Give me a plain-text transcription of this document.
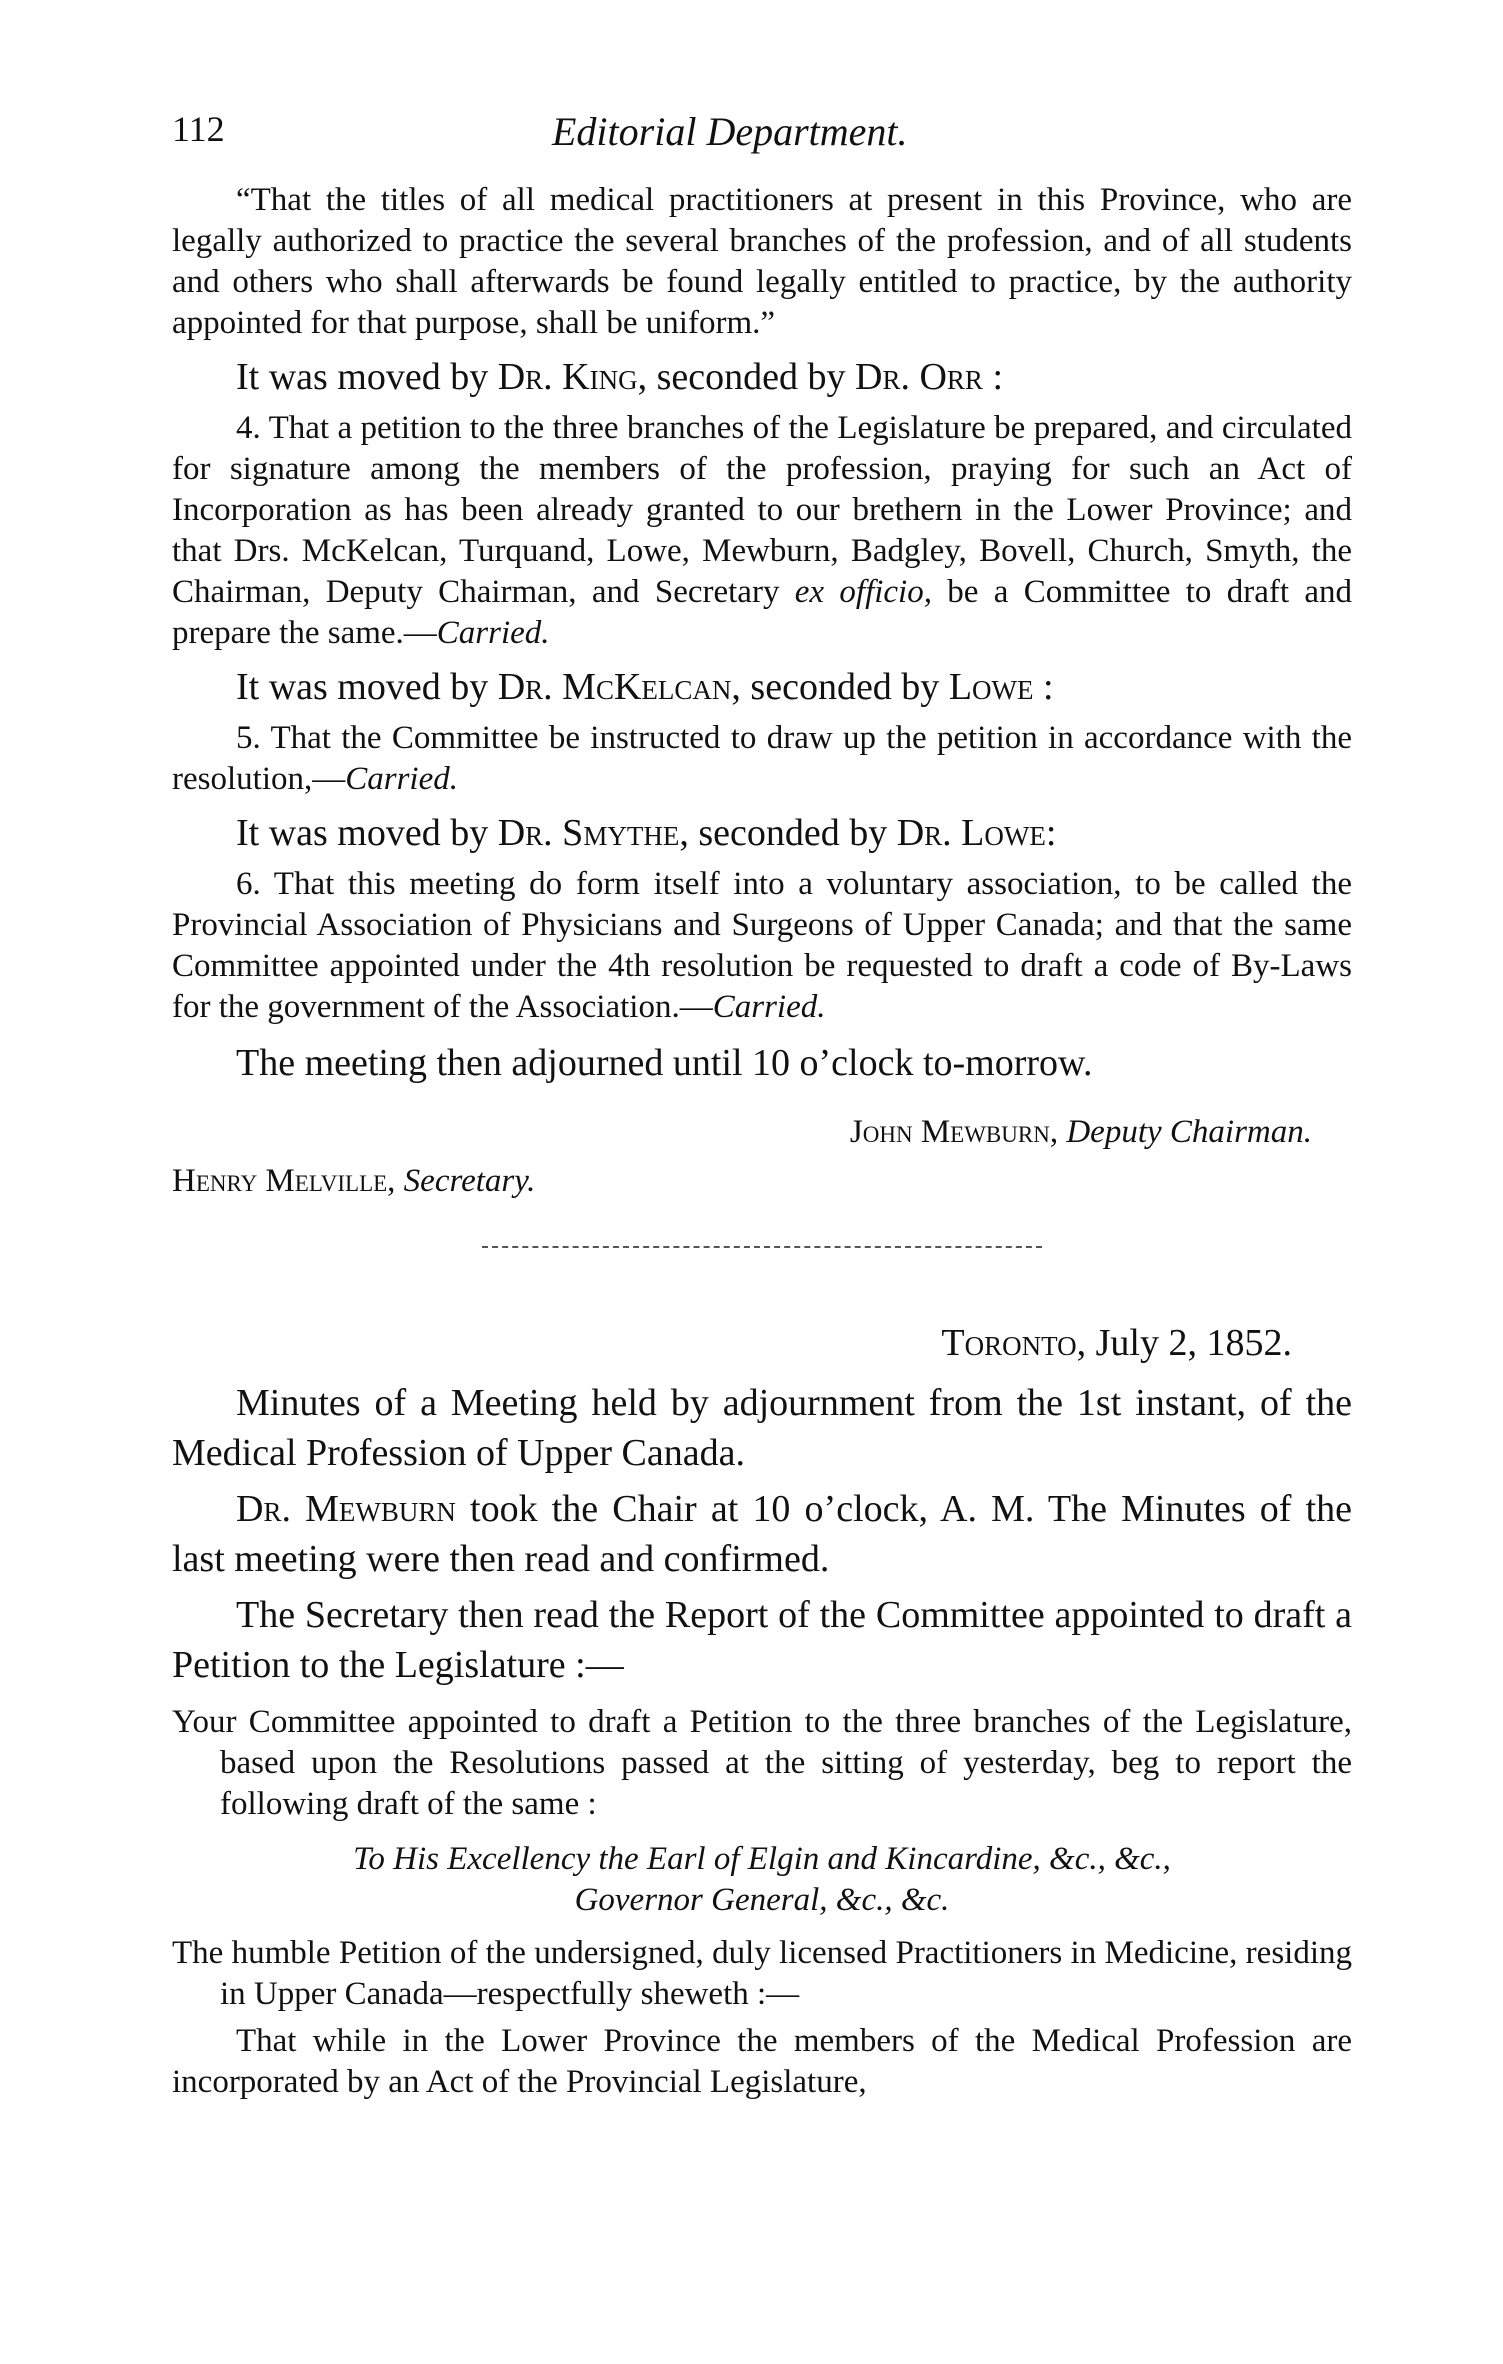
112	Editorial Department.

“That the titles of all medical practitioners at present in this Province, who are legally authorized to practice the several branches of the profession, and of all students and others who shall afterwards be found legally entitled to practice, by the authority appointed for that purpose, shall be uniform.”

It was moved by Dr. King, seconded by Dr. Orr :

4. That a petition to the three branches of the Legislature be prepared, and circulated for signature among the members of the profession, praying for such an Act of Incorporation as has been already granted to our brethern in the Lower Province; and that Drs. McKelcan, Turquand, Lowe, Mewburn, Badgley, Bovell, Church, Smyth, the Chairman, Deputy Chairman, and Secretary ex officio, be a Committee to draft and prepare the same.—Carried.

It was moved by Dr. McKelcan, seconded by Lowe :

5. That the Committee be instructed to draw up the petition in accordance with the resolution,—Carried.

It was moved by Dr. Smythe, seconded by Dr. Lowe:

6. That this meeting do form itself into a voluntary association, to be called the Provincial Association of Physicians and Surgeons of Upper Canada; and that the same Committee appointed under the 4th resolution be requested to draft a code of By-Laws for the government of the Association.—Carried.

The meeting then adjourned until 10 o’clock to-morrow.

John Mewburn, Deputy Chairman.

Henry Melville, Secretary.

Toronto, July 2, 1852.

Minutes of a Meeting held by adjournment from the 1st instant, of the Medical Profession of Upper Canada.

Dr. Mewburn took the Chair at 10 o’clock, A. M. The Minutes of the last meeting were then read and confirmed.

The Secretary then read the Report of the Committee appointed to draft a Petition to the Legislature :—

Your Committee appointed to draft a Petition to the three branches of the Legislature, based upon the Resolutions passed at the sitting of yesterday, beg to report the following draft of the same :

To His Excellency the Earl of Elgin and Kincardine, &c., &c.,

Governor General, &c., &c.

The humble Petition of the undersigned, duly licensed Practitioners in Medicine, residing in Upper Canada—respectfully sheweth :—

That while in the Lower Province the members of the Medical Profession are incorporated by an Act of the Provincial Legislature,
